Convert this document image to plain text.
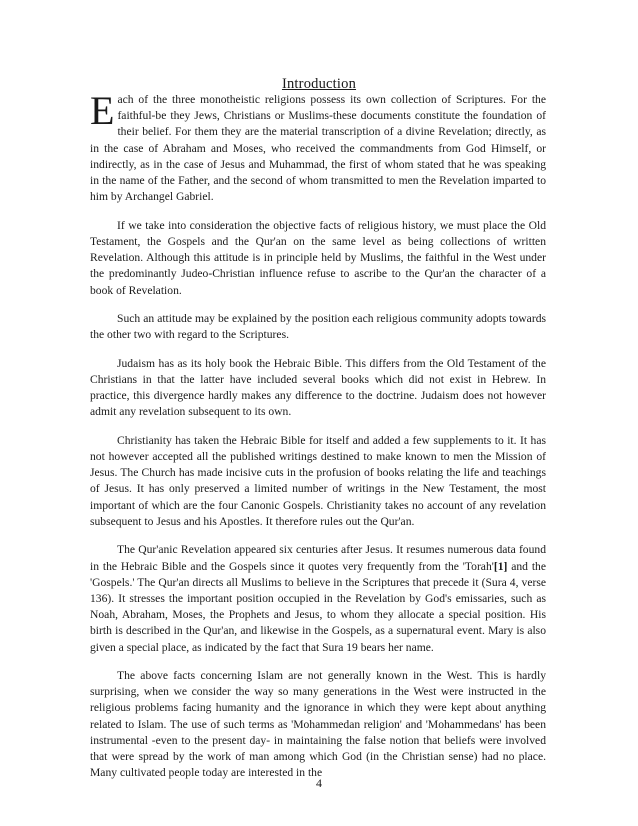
Introduction

Each of the three monotheistic religions possess its own collection of Scriptures. For the faithful-be they Jews, Christians or Muslims-these documents constitute the foundation of their belief. For them they are the material transcription of a divine Revelation; directly, as in the case of Abraham and Moses, who received the commandments from God Himself, or indirectly, as in the case of Jesus and Muhammad, the first of whom stated that he was speaking in the name of the Father, and the second of whom transmitted to men the Revelation imparted to him by Archangel Gabriel.

If we take into consideration the objective facts of religious history, we must place the Old Testament, the Gospels and the Qur'an on the same level as being collections of written Revelation. Although this attitude is in principle held by Muslims, the faithful in the West under the predominantly Judeo-Christian influence refuse to ascribe to the Qur'an the character of a book of Revelation.

Such an attitude may be explained by the position each religious community adopts towards the other two with regard to the Scriptures.

Judaism has as its holy book the Hebraic Bible. This differs from the Old Testament of the Christians in that the latter have included several books which did not exist in Hebrew. In practice, this divergence hardly makes any difference to the doctrine. Judaism does not however admit any revelation subsequent to its own.

Christianity has taken the Hebraic Bible for itself and added a few supplements to it. It has not however accepted all the published writings destined to make known to men the Mission of Jesus. The Church has made incisive cuts in the profusion of books relating the life and teachings of Jesus. It has only preserved a limited number of writings in the New Testament, the most important of which are the four Canonic Gospels. Christianity takes no account of any revelation subsequent to Jesus and his Apostles. It therefore rules out the Qur'an.

The Qur'anic Revelation appeared six centuries after Jesus. It resumes numerous data found in the Hebraic Bible and the Gospels since it quotes very frequently from the 'Torah'[1] and the 'Gospels.' The Qur'an directs all Muslims to believe in the Scriptures that precede it (Sura 4, verse 136). It stresses the important position occupied in the Revelation by God's emissaries, such as Noah, Abraham, Moses, the Prophets and Jesus, to whom they allocate a special position. His birth is described in the Qur'an, and likewise in the Gospels, as a supernatural event. Mary is also given a special place, as indicated by the fact that Sura 19 bears her name.

The above facts concerning Islam are not generally known in the West. This is hardly surprising, when we consider the way so many generations in the West were instructed in the religious problems facing humanity and the ignorance in which they were kept about anything related to Islam. The use of such terms as 'Mohammedan religion' and 'Mohammedans' has been instrumental -even to the present day- in maintaining the false notion that beliefs were involved that were spread by the work of man among which God (in the Christian sense) had no place. Many cultivated people today are interested in the

4
